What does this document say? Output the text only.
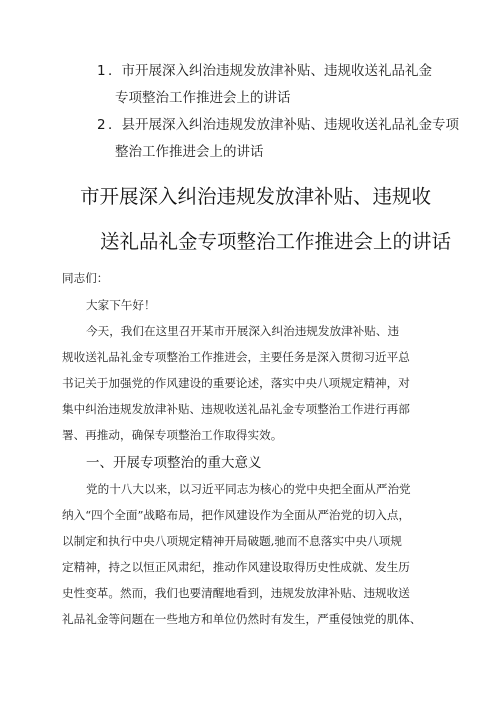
1 ．市开展深入纠治违规发放津补贴、违规收送礼品礼金
专项整治工作推进会上的讲话
2 ．县开展深入纠治违规发放津补贴、违规收送礼品礼金专项
整治工作推进会上的讲话
市开展深入纠治违规发放津补贴、违规收
送礼品礼金专项整治工作推进会上的讲话
同志们：
大家下午好！
今天，我们在这里召开某市开展深入纠治违规发放津补贴、违
规收送礼品礼金专项整治工作推进会，主要任务是深入贯彻习近平总
书记关于加强党的作风建设的重要论述，落实中央八项规定精神，对
集中纠治违规发放津补贴、违规收送礼品礼金专项整治工作进行再部
署、再推动，确保专项整治工作取得实效。
一、开展专项整治的重大意义
党的十八大以来，以习近平同志为核心的党中央把全面从严治党
纳入“四个全面”战略布局，把作风建设作为全面从严治党的切入点，
以制定和执行中央八项规定精神开局破题,驰而不息落实中央八项规
定精神，持之以恒正风肃纪，推动作风建设取得历史性成就、发生历
史性变革。然而，我们也要清醒地看到，违规发放津补贴、违规收送
礼品礼金等问题在一些地方和单位仍然时有发生，严重侵蚀党的肌体、
